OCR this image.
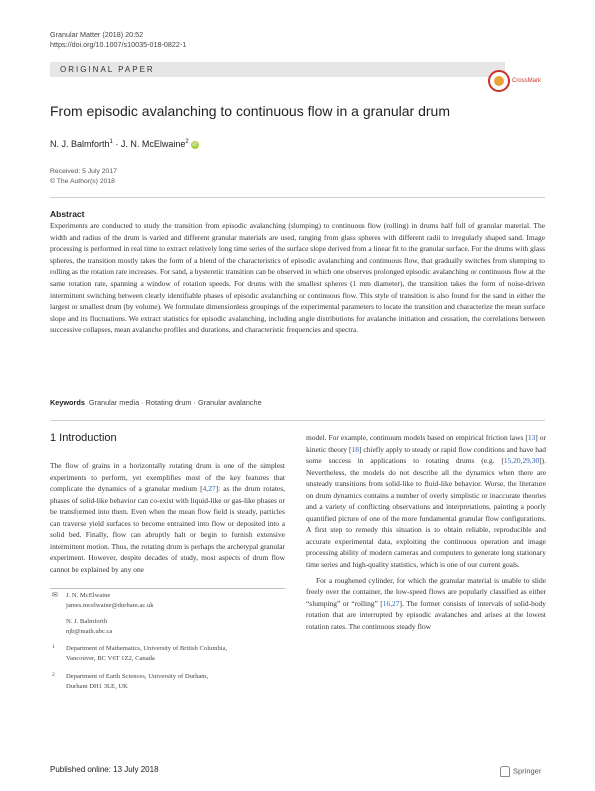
Granular Matter (2018) 20:52
https://doi.org/10.1007/s10035-018-0822-1
ORIGINAL PAPER
CrossMark
From episodic avalanching to continuous flow in a granular drum
N. J. Balmforth$^1$ · J. N. McElwaine$^2$ iD
Received: 5 July 2017
© The Author(s) 2018
Abstract
Experiments are conducted to study the transition from episodic avalanching (slumping) to continuous flow (rolling) in drums half full of granular material. The width and radius of the drum is varied and different granular materials are used, ranging from glass spheres with different radii to irregularly shaped sand. Image processing is performed in real time to extract relatively long time series of the surface slope derived from a linear fit to the granular surface. For the drums with glass spheres, the transition mostly takes the form of a blend of the characteristics of episodic avalanching and continuous flow, that gradually switches from slumping to rolling as the rotation rate increases. For sand, a hysteretic transition can be observed in which one observes prolonged episodic avalanching or continuous flow at the same rotation rate, spanning a window of rotation speeds. For drums with the smallest spheres (1 mm diameter), the transition takes the form of noise-driven intermittent switching between clearly identifiable phases of episodic avalanching or continuous flow. This style of transition is also found for the sand in either the largest or smallest drum (by volume). We formulate dimensionless groupings of the experimental parameters to locate the transition and characterize the mean surface slope and its fluctuations. We extract statistics for episodic avalanching, including angle distributions for avalanche initiation and cessation, the correlations between successive collapses, mean avalanche profiles and durations, and characteristic frequencies and spectra.
Keywords Granular media · Rotating drum · Granular avalanche
1 Introduction

The flow of grains in a horizontally rotating drum is one of the simplest experiments to perform, yet exemplifies most of the key features that complicate the dynamics of a granular medium [4,27]: as the drum rotates, phases of solid-like behavior can co-exist with liquid-like or gas-like phases or be transformed into them. Even when the mean flow field is steady, particles can traverse yield surfaces to become entrained into flow or deposited into a solid bed. Finally, flow can abruptly halt or begin to furnish extensive intermittent motion. Thus, the rotating drum is perhaps the archetypal granular experiment. However, despite decades of study, most aspects of drum flow cannot be explained by any one

model. For example, continuum models based on empirical friction laws [13] or kinetic theory [18] chiefly apply to steady or rapid flow conditions and have had some success in applications to rotating drums (e.g. [15,20,29,30]). Nevertheless, the models do not describe all the dynamics when there are unsteady transitions from solid-like to fluid-like behavior. Worse, the literature on drum dynamics contains a number of overly simplistic or inaccurate theories and a variety of conflicting observations and interpretations, painting a poorly quantified picture of one of the more fundamental granular flow configurations. A first step to remedy this situation is to obtain reliable, reproducible and accurate experimental data, exploiting the continuous operation and image processing ability of modern cameras and computers to generate long stationary time series and high-quality statistics, which is one of our current goals.

For a roughened cylinder, for which the granular material is unable to slide freely over the container, the low-speed flows are popularly classified as either “slumping” or “rolling” [16,27]. The former consists of intervals of solid-body rotation that are interrupted by episodic avalanches and arises at the lowest rotation rates. The continuous steady flow

✉ J. N. McElwaine
james.mcelwaine@durham.ac.uk
N. J. Balmforth
njb@math.ubc.ca
1 Department of Mathematics, University of British Columbia,
Vancouver, BC V6T 1Z2, Canada
2 Department of Earth Sciences, University of Durham,
Durham DH1 3LE, UK
Published online: 13 July 2018	Springer
